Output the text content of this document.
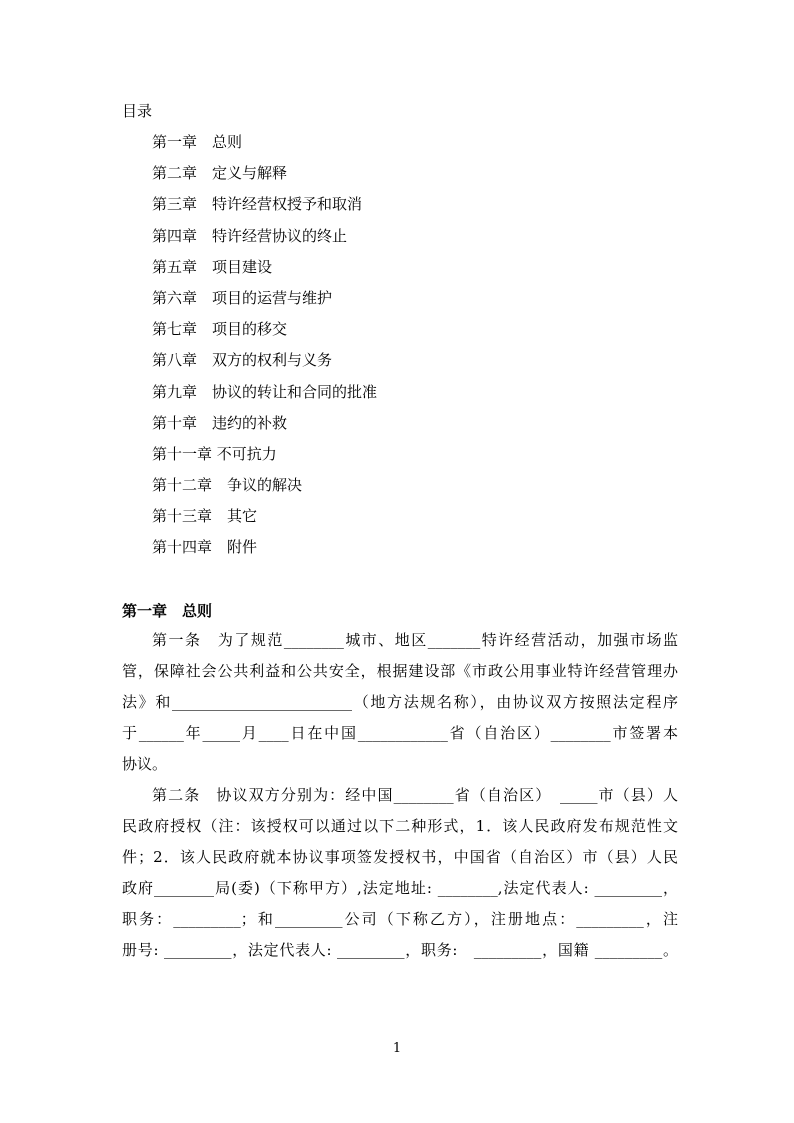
目录
第一章　总则
第二章　定义与解释
第三章　特许经营权授予和取消
第四章　特许经营协议的终止
第五章　项目建设
第六章　项目的运营与维护
第七章　项目的移交
第八章　双方的权利与义务
第九章　协议的转让和合同的批准
第十章　违约的补救
第十一章 不可抗力
第十二章　争议的解决
第十三章　其它
第十四章　附件
第一章　总则
第一条　为了规范________城市、地区_______特许经营活动，加强市场监
管，保障社会公共利益和公共安全，根据建设部《市政公用事业特许经营管理办
法》和________________________（地方法规名称），由协议双方按照法定程序
于______年_____月____日在中国____________省（自治区）________市签署本
协议。
第二条　协议双方分别为：经中国________省（自治区）　_____市（县）人
民政府授权（注：该授权可以通过以下二种形式，1．该人民政府发布规范性文
件；2．该人民政府就本协议事项签发授权书，中国省（自治区）市（县）人民
政府________局(委)（下称甲方）,法定地址: ________,法定代表人: _________，
职务：_________；和_________公司（下称乙方），注册地点：_________，注
册号: _________，法定代表人: _________，职务:　_________，国籍 _________。
1
